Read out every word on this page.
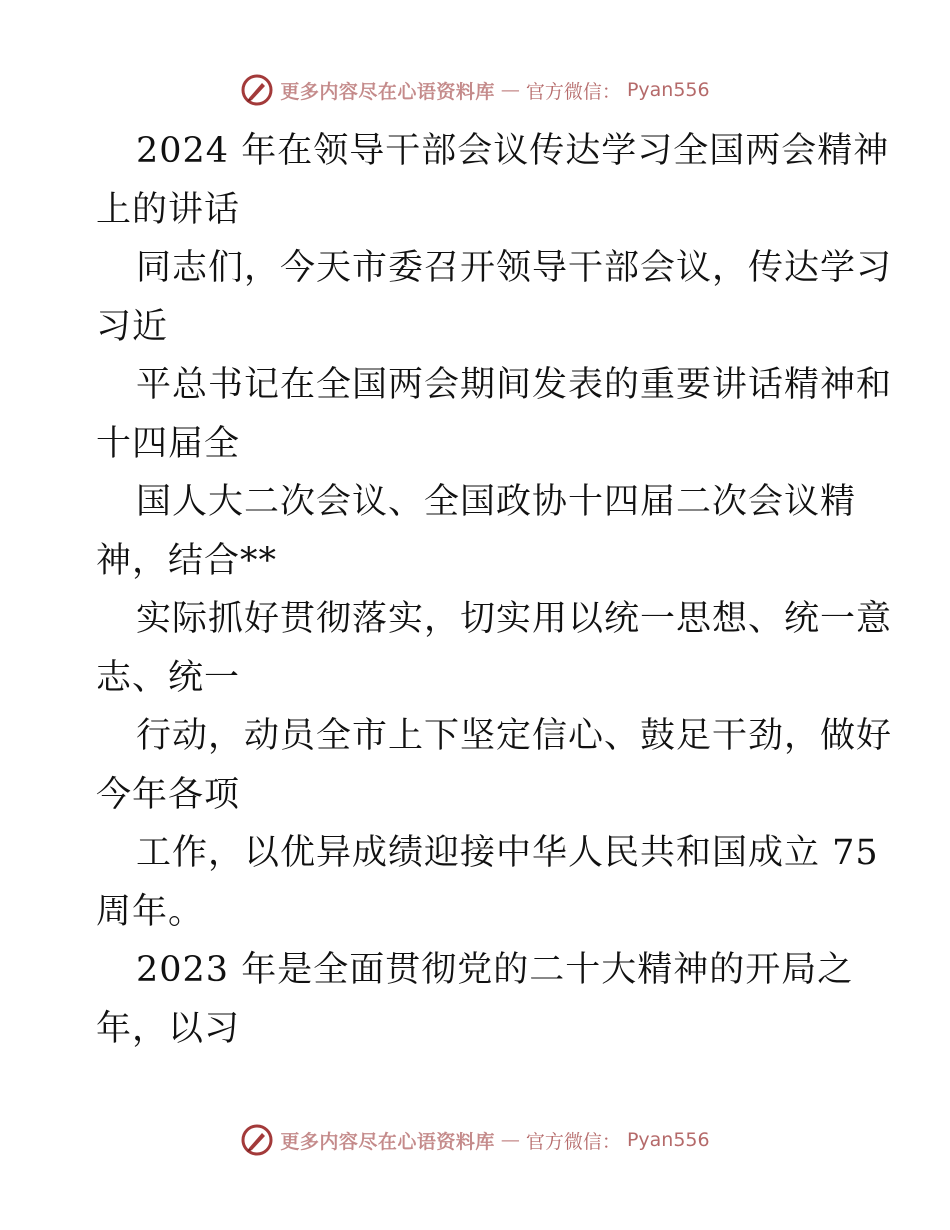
更多内容尽在心语资料库 — 官方微信： Pyan556
2024 年在领导干部会议传达学习全国两会精神
上的讲话
同志们，今天市委召开领导干部会议，传达学习
习近
平总书记在全国两会期间发表的重要讲话精神和
十四届全
国人大二次会议、全国政协十四届二次会议精
神，结合**
实际抓好贯彻落实，切实用以统一思想、统一意
志、统一
行动，动员全市上下坚定信心、鼓足干劲，做好
今年各项
工作，以优异成绩迎接中华人民共和国成立 75
周年。
2023 年是全面贯彻党的二十大精神的开局之
年，以习
更多内容尽在心语资料库 — 官方微信： Pyan556
